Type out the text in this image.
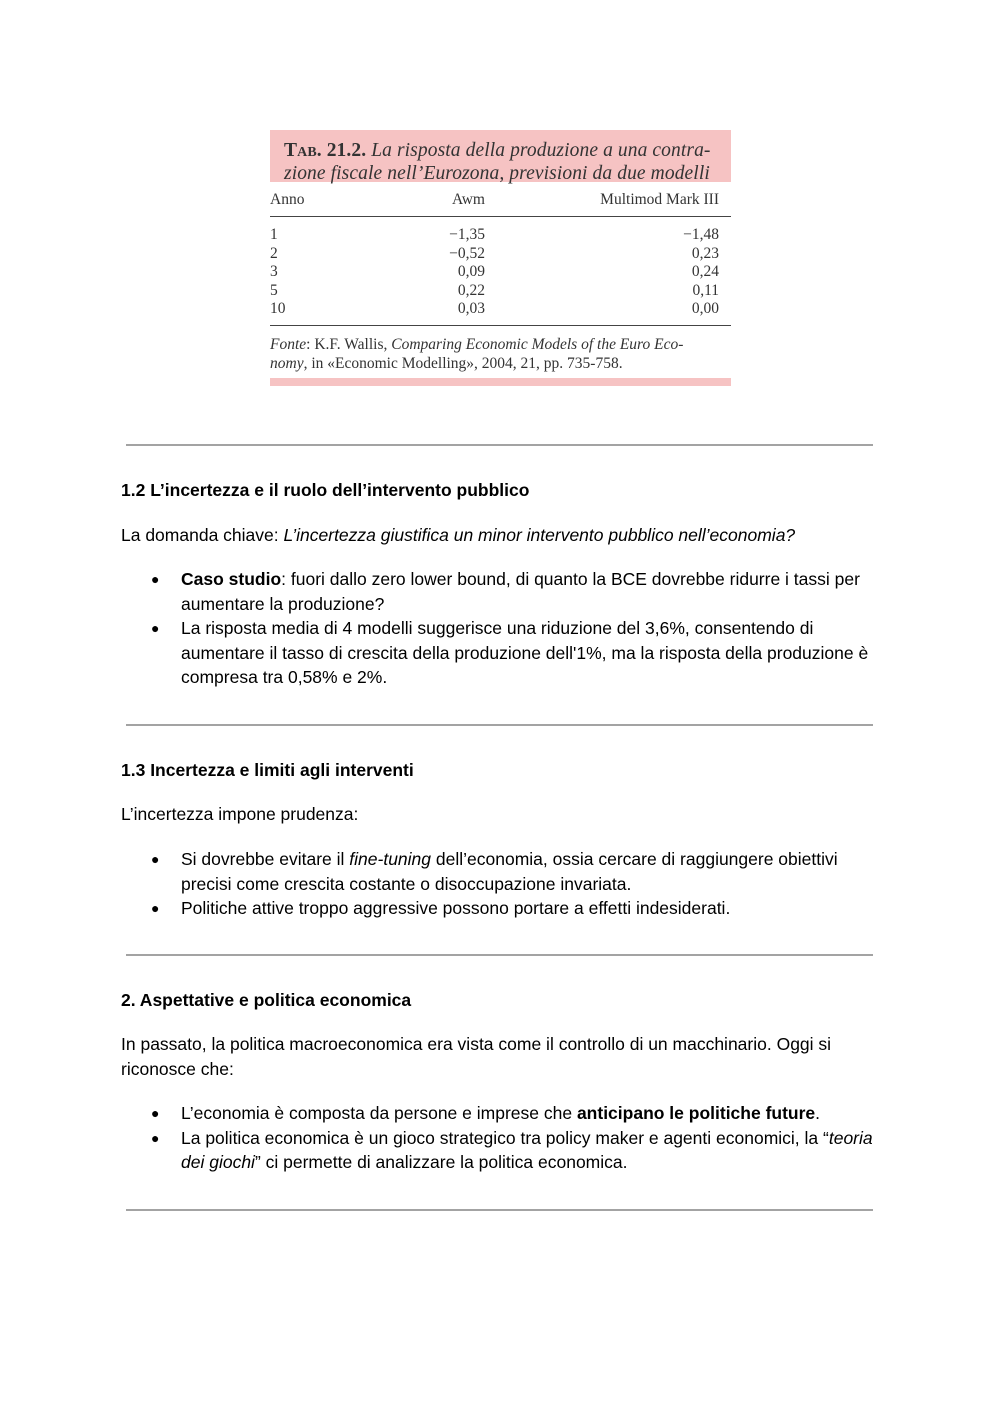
Tab. 21.2. La risposta della produzione a una contra-
zione fiscale nell’Eurozona, previsioni da due modelli
Anno	Awm	Multimod Mark III
1	−1,35	−1,48
2	−0,52	0,23
3	0,09	0,24
5	0,22	0,11
10	0,03	0,00
Fonte: K.F. Wallis, Comparing Economic Models of the Euro Eco-
nomy, in «Economic Modelling», 2004, 21, pp. 735-758.
1.2 L’incertezza e il ruolo dell’intervento pubblico
La domanda chiave: L’incertezza giustifica un minor intervento pubblico nell’economia?
● Caso studio: fuori dallo zero lower bound, di quanto la BCE dovrebbe ridurre i tassi per aumentare la produzione?
● La risposta media di 4 modelli suggerisce una riduzione del 3,6%, consentendo di aumentare il tasso di crescita della produzione dell'1%, ma la risposta della produzione è compresa tra 0,58% e 2%.
1.3 Incertezza e limiti agli interventi
L’incertezza impone prudenza:
● Si dovrebbe evitare il fine-tuning dell’economia, ossia cercare di raggiungere obiettivi precisi come crescita costante o disoccupazione invariata.
● Politiche attive troppo aggressive possono portare a effetti indesiderati.
2. Aspettative e politica economica
In passato, la politica macroeconomica era vista come il controllo di un macchinario. Oggi si riconosce che:
● L’economia è composta da persone e imprese che anticipano le politiche future.
● La politica economica è un gioco strategico tra policy maker e agenti economici, la “teoria dei giochi” ci permette di analizzare la politica economica.
